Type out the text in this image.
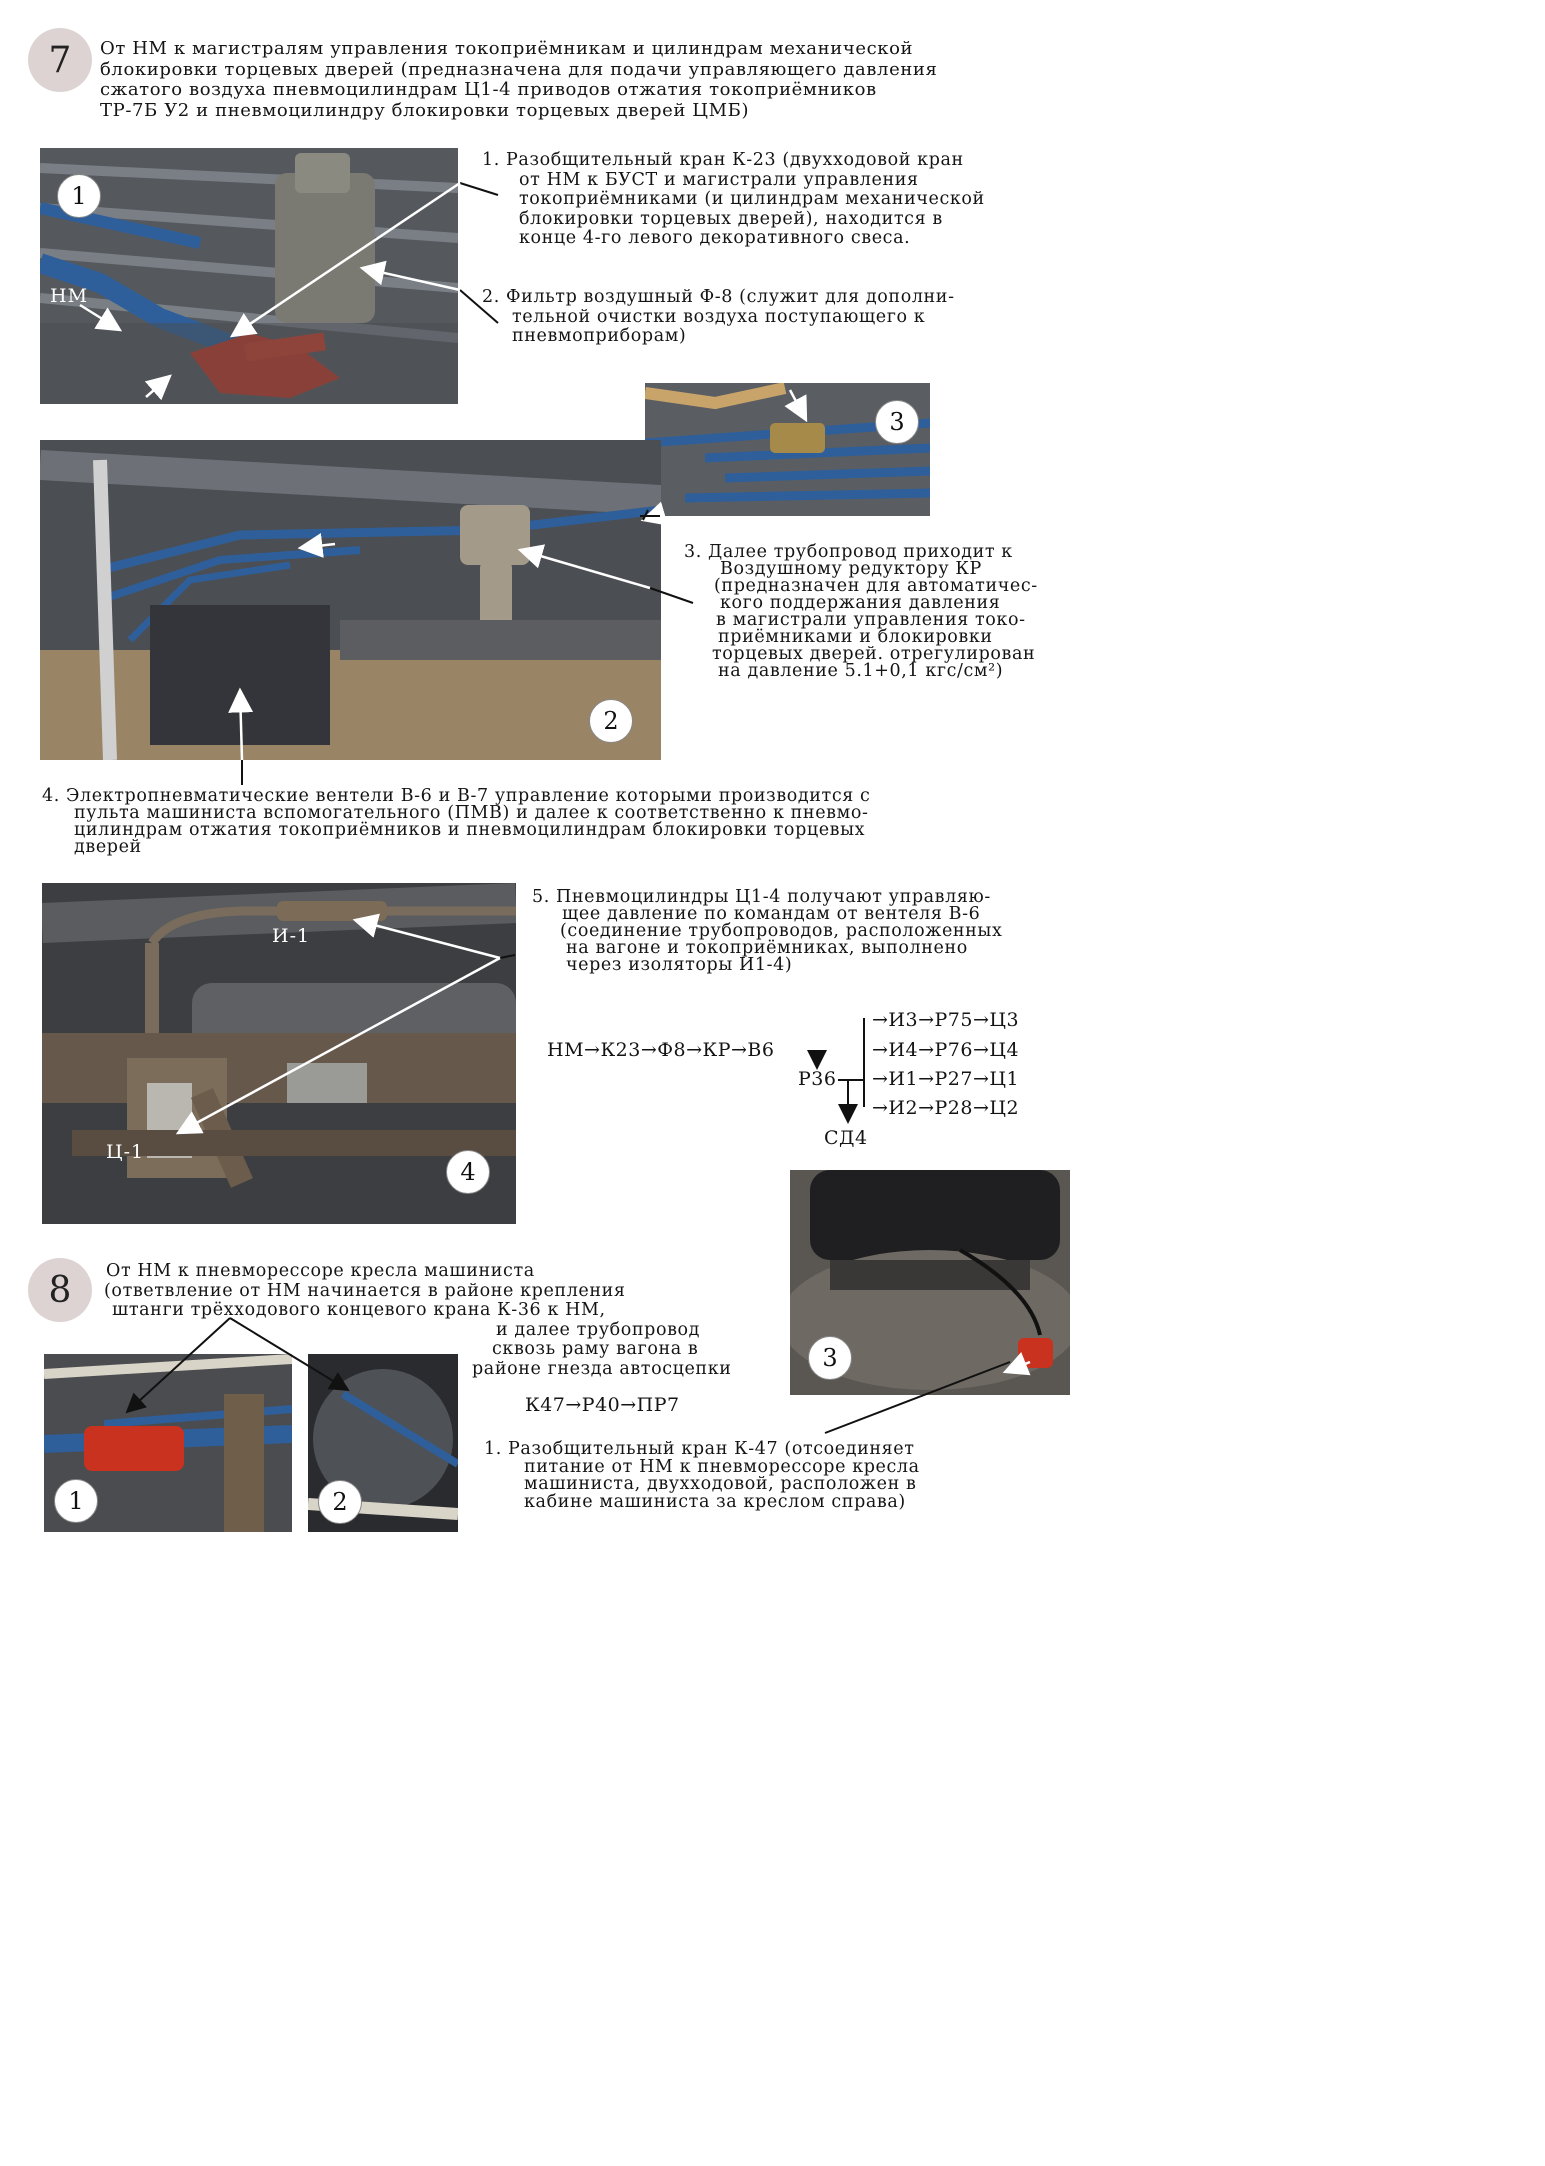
7 От НМ к магистралям управления токоприёмникам и цилиндрам механической
блокировки торцевых дверей (предназначена для подачи управляющего давления
сжатого воздуха пневмоцилиндрам Ц1-4 приводов отжатия токоприёмников
ТР-7Б У2 и пневмоцилиндру блокировки торцевых дверей ЦМБ)
1
НМ
1. Разобщительный кран К-23 (двухходовой кран
от НМ к БУСТ и магистрали управления
токоприёмниками (и цилиндрам механической
блокировки торцевых дверей), находится в
конце 4-го левого декоративного свеса.
2. Фильтр воздушный Ф-8 (служит для дополни-
тельной очистки воздуха поступающего к
пневмоприборам)
3
2
3. Далее трубопровод приходит к
Воздушному редуктору КР
(предназначен для автоматичес-
кого поддержания давления
в магистрали управления токо-
приёмниками и блокировки
торцевых дверей. отрегулирован
на давление 5.1+0,1 кгс/см²)
4. Электропневматические вентели В-6 и В-7 управление которыми производится с
пульта машиниста вспомогательного (ПМВ) и далее к соответственно к пневмо-
цилиндрам отжатия токоприёмников и пневмоцилиндрам блокировки торцевых
дверей
И-1
Ц-1
4
5. Пневмоцилиндры Ц1-4 получают управляю-
щее давление по командам от вентеля В-6
(соединение трубопроводов, расположенных
на вагоне и токоприёмниках, выполнено
через изоляторы И1-4)
НМ→К23→Ф8→КР→В6
Р36
СД4
→И3→Р75→Ц3
→И4→Р76→Ц4
→И1→Р27→Ц1
→И2→Р28→Ц2
8 От НМ к пневморессоре кресла машиниста
(ответвление от НМ начинается в районе крепления
штанги трёхходового концевого крана К-36 к НМ,
и далее трубопровод
сквозь раму вагона в
районе гнезда автосцепки
1	2
3
К47→Р40→ПР7
1. Разобщительный кран К-47 (отсоединяет
питание от НМ к пневморессоре кресла
машиниста, двухходовой, расположен в
кабине машиниста за креслом справа)
